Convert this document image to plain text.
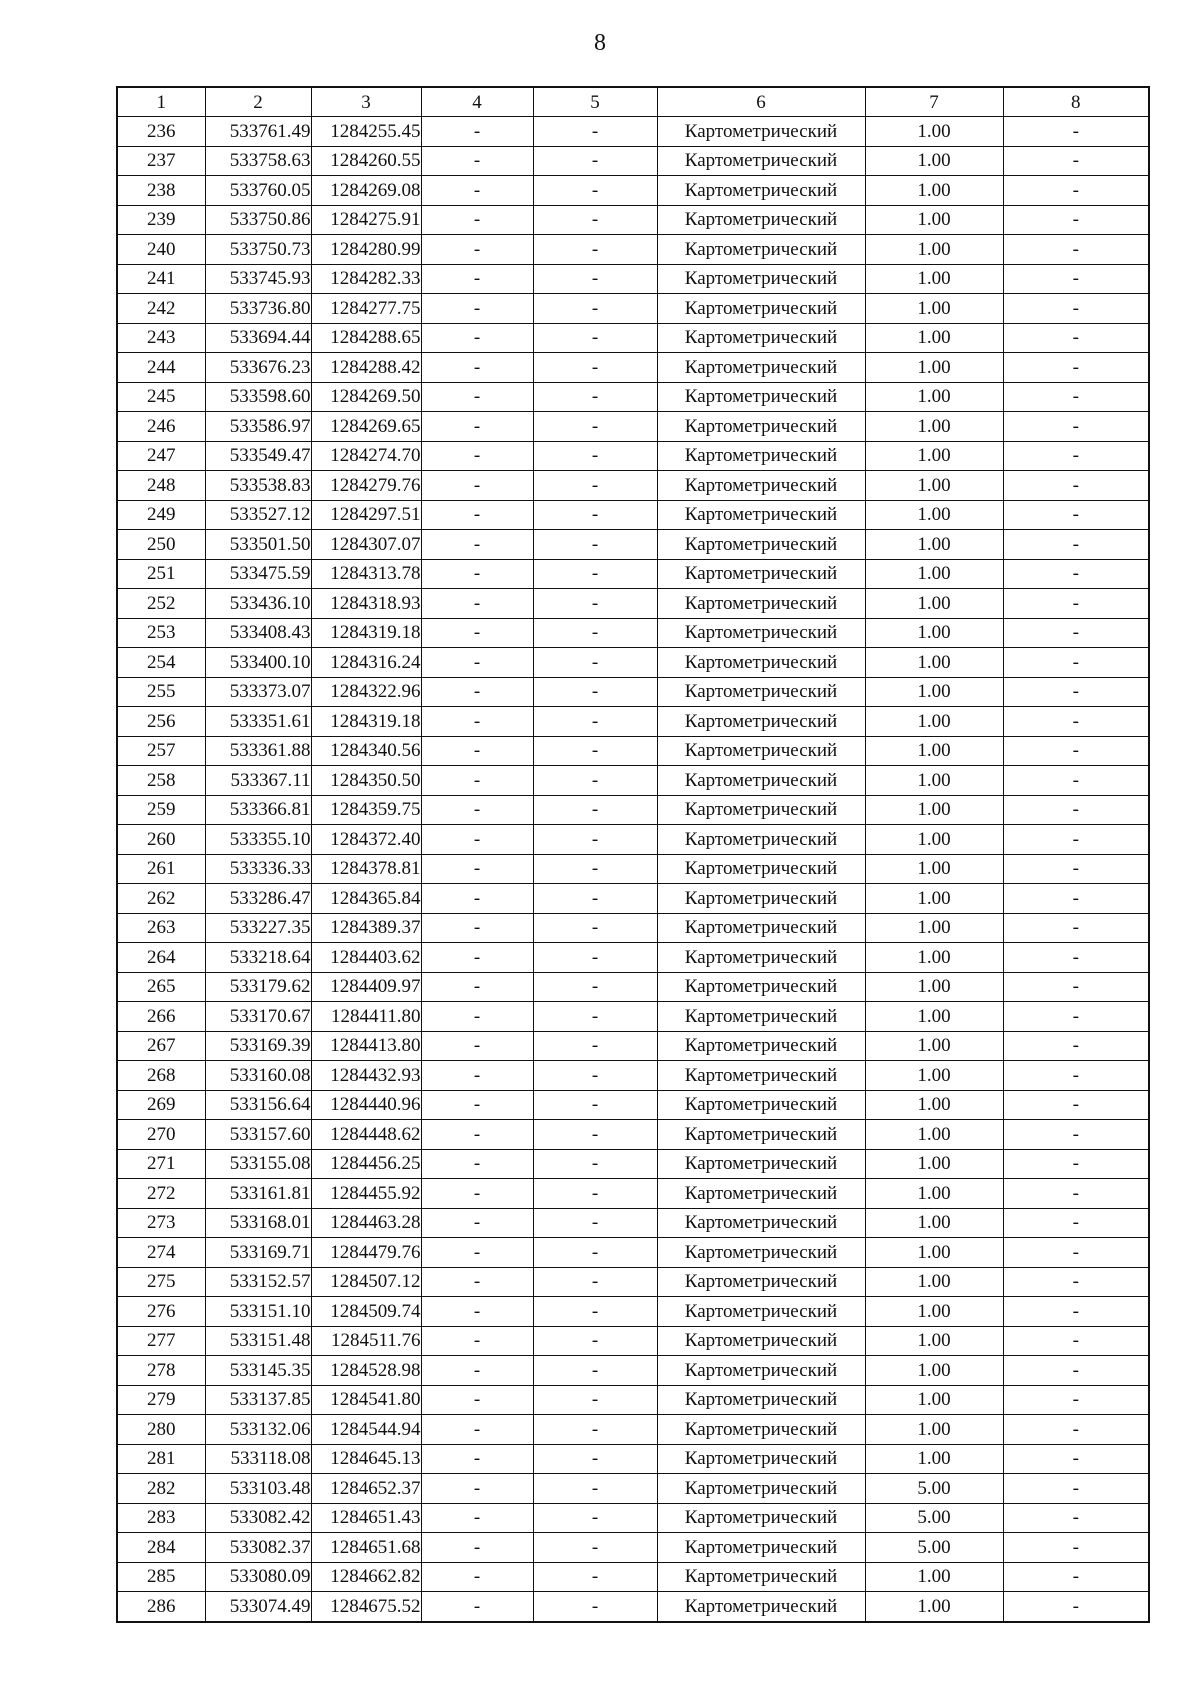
8
1	2	3	4	5	6	7	8
236	533761.49	1284255.45	-	-	Картометрический	1.00	-
237	533758.63	1284260.55	-	-	Картометрический	1.00	-
238	533760.05	1284269.08	-	-	Картометрический	1.00	-
239	533750.86	1284275.91	-	-	Картометрический	1.00	-
240	533750.73	1284280.99	-	-	Картометрический	1.00	-
241	533745.93	1284282.33	-	-	Картометрический	1.00	-
242	533736.80	1284277.75	-	-	Картометрический	1.00	-
243	533694.44	1284288.65	-	-	Картометрический	1.00	-
244	533676.23	1284288.42	-	-	Картометрический	1.00	-
245	533598.60	1284269.50	-	-	Картометрический	1.00	-
246	533586.97	1284269.65	-	-	Картометрический	1.00	-
247	533549.47	1284274.70	-	-	Картометрический	1.00	-
248	533538.83	1284279.76	-	-	Картометрический	1.00	-
249	533527.12	1284297.51	-	-	Картометрический	1.00	-
250	533501.50	1284307.07	-	-	Картометрический	1.00	-
251	533475.59	1284313.78	-	-	Картометрический	1.00	-
252	533436.10	1284318.93	-	-	Картометрический	1.00	-
253	533408.43	1284319.18	-	-	Картометрический	1.00	-
254	533400.10	1284316.24	-	-	Картометрический	1.00	-
255	533373.07	1284322.96	-	-	Картометрический	1.00	-
256	533351.61	1284319.18	-	-	Картометрический	1.00	-
257	533361.88	1284340.56	-	-	Картометрический	1.00	-
258	533367.11	1284350.50	-	-	Картометрический	1.00	-
259	533366.81	1284359.75	-	-	Картометрический	1.00	-
260	533355.10	1284372.40	-	-	Картометрический	1.00	-
261	533336.33	1284378.81	-	-	Картометрический	1.00	-
262	533286.47	1284365.84	-	-	Картометрический	1.00	-
263	533227.35	1284389.37	-	-	Картометрический	1.00	-
264	533218.64	1284403.62	-	-	Картометрический	1.00	-
265	533179.62	1284409.97	-	-	Картометрический	1.00	-
266	533170.67	1284411.80	-	-	Картометрический	1.00	-
267	533169.39	1284413.80	-	-	Картометрический	1.00	-
268	533160.08	1284432.93	-	-	Картометрический	1.00	-
269	533156.64	1284440.96	-	-	Картометрический	1.00	-
270	533157.60	1284448.62	-	-	Картометрический	1.00	-
271	533155.08	1284456.25	-	-	Картометрический	1.00	-
272	533161.81	1284455.92	-	-	Картометрический	1.00	-
273	533168.01	1284463.28	-	-	Картометрический	1.00	-
274	533169.71	1284479.76	-	-	Картометрический	1.00	-
275	533152.57	1284507.12	-	-	Картометрический	1.00	-
276	533151.10	1284509.74	-	-	Картометрический	1.00	-
277	533151.48	1284511.76	-	-	Картометрический	1.00	-
278	533145.35	1284528.98	-	-	Картометрический	1.00	-
279	533137.85	1284541.80	-	-	Картометрический	1.00	-
280	533132.06	1284544.94	-	-	Картометрический	1.00	-
281	533118.08	1284645.13	-	-	Картометрический	1.00	-
282	533103.48	1284652.37	-	-	Картометрический	5.00	-
283	533082.42	1284651.43	-	-	Картометрический	5.00	-
284	533082.37	1284651.68	-	-	Картометрический	5.00	-
285	533080.09	1284662.82	-	-	Картометрический	1.00	-
286	533074.49	1284675.52	-	-	Картометрический	1.00	-
